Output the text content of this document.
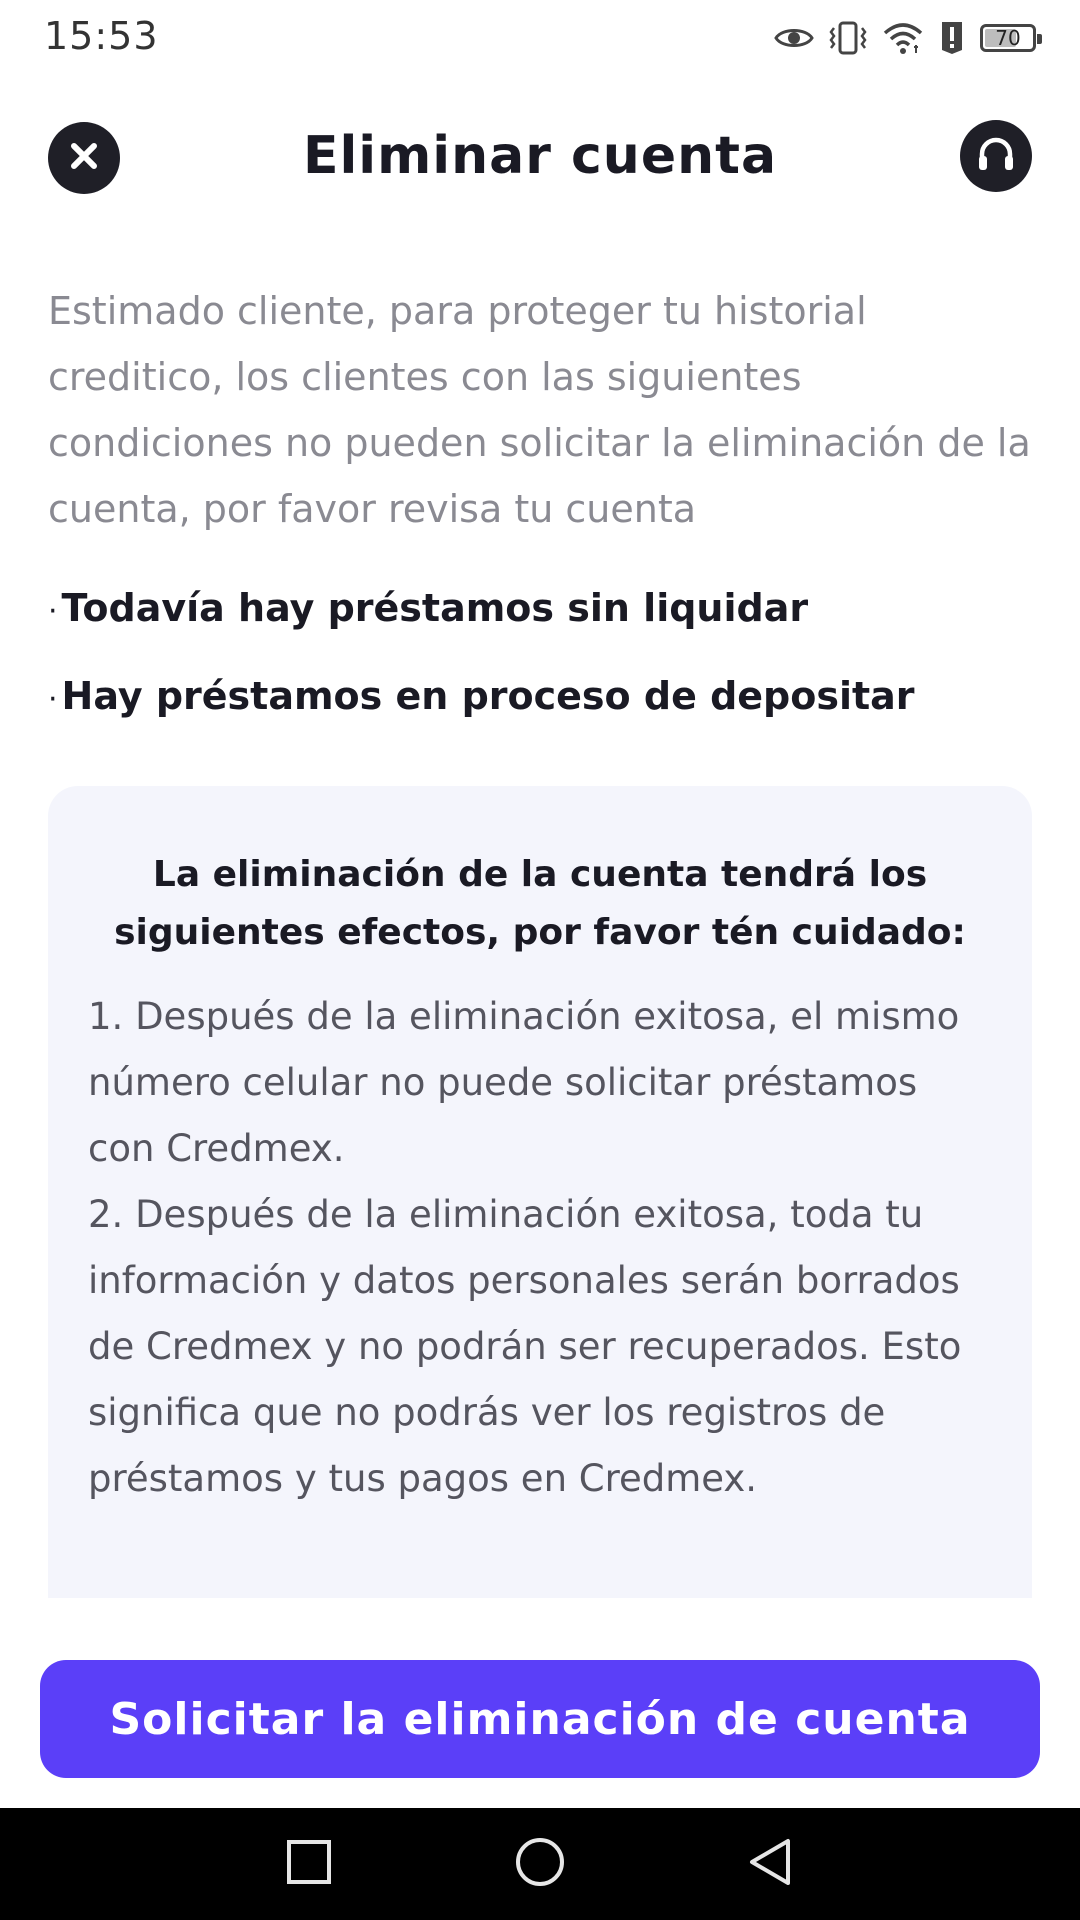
15:53	70
Eliminar cuenta

Estimado cliente, para proteger tu historial creditico, los clientes con las siguientes condiciones no pueden solicitar la eliminación de la cuenta, por favor revisa tu cuenta

· Todavía hay préstamos sin liquidar
· Hay préstamos en proceso de depositar

La eliminación de la cuenta tendrá los siguientes efectos, por favor tén cuidado:

1. Después de la eliminación exitosa, el mismo número celular no puede solicitar préstamos con Credmex.
2. Después de la eliminación exitosa, toda tu información y datos personales serán borrados de Credmex y no podrán ser recuperados. Esto significa que no podrás ver los registros de préstamos y tus pagos en Credmex.
Solicitar la eliminación de cuenta
